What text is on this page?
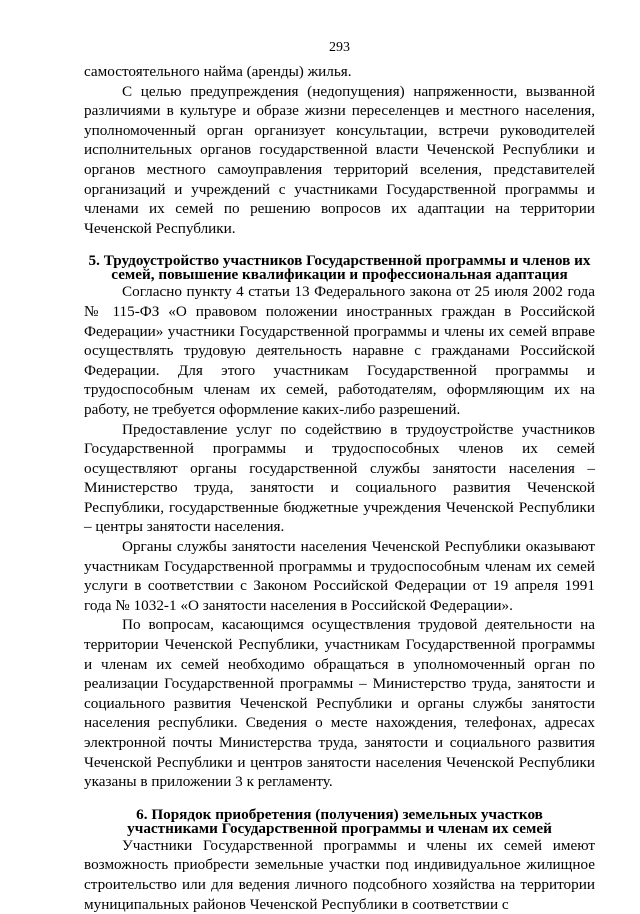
293

самостоятельного найма (аренды) жилья.

С целью предупреждения (недопущения) напряженности, вызванной различиями в культуре и образе жизни переселенцев и местного населения, уполномоченный орган организует консультации, встречи руководителей исполнительных органов государственной власти Чеченской Республики и органов местного самоуправления территорий вселения, представителей организаций и учреждений с участниками Государственной программы и членами их семей по решению вопросов их адаптации на территории Чеченской Республики.

5. Трудоустройство участников Государственной программы и членов их
семей, повышение квалификации и профессиональная адаптация

Согласно пункту 4 статьи 13 Федерального закона от 25 июля 2002 года № 115-ФЗ «О правовом положении иностранных граждан в Российской Федерации» участники Государственной программы и члены их семей вправе осуществлять трудовую деятельность наравне с гражданами Российской Федерации. Для этого участникам Государственной программы и трудоспособным членам их семей, работодателям, оформляющим их на работу, не требуется оформление каких-либо разрешений.

Предоставление услуг по содействию в трудоустройстве участников Государственной программы и трудоспособных членов их семей осуществляют органы государственной службы занятости населения – Министерство труда, занятости и социального развития Чеченской Республики, государственные бюджетные учреждения Чеченской Республики – центры занятости населения.

Органы службы занятости населения Чеченской Республики оказывают участникам Государственной программы и трудоспособным членам их семей услуги в соответствии с Законом Российской Федерации от 19 апреля 1991 года № 1032-1 «О занятости населения в Российской Федерации».

По вопросам, касающимся осуществления трудовой деятельности на территории Чеченской Республики, участникам Государственной программы и членам их семей необходимо обращаться в уполномоченный орган по реализации Государственной программы – Министерство труда, занятости и социального развития Чеченской Республики и органы службы занятости населения республики. Сведения о месте нахождения, телефонах, адресах электронной почты Министерства труда, занятости и социального развития Чеченской Республики и центров занятости населения Чеченской Республики указаны в приложении 3 к регламенту.

6. Порядок приобретения (получения) земельных участков
участниками Государственной программы и членам их семей

Участники Государственной программы и члены их семей имеют возможность приобрести земельные участки под индивидуальное жилищное строительство или для ведения личного подсобного хозяйства на территории муниципальных районов Чеченской Республики в соответствии с
